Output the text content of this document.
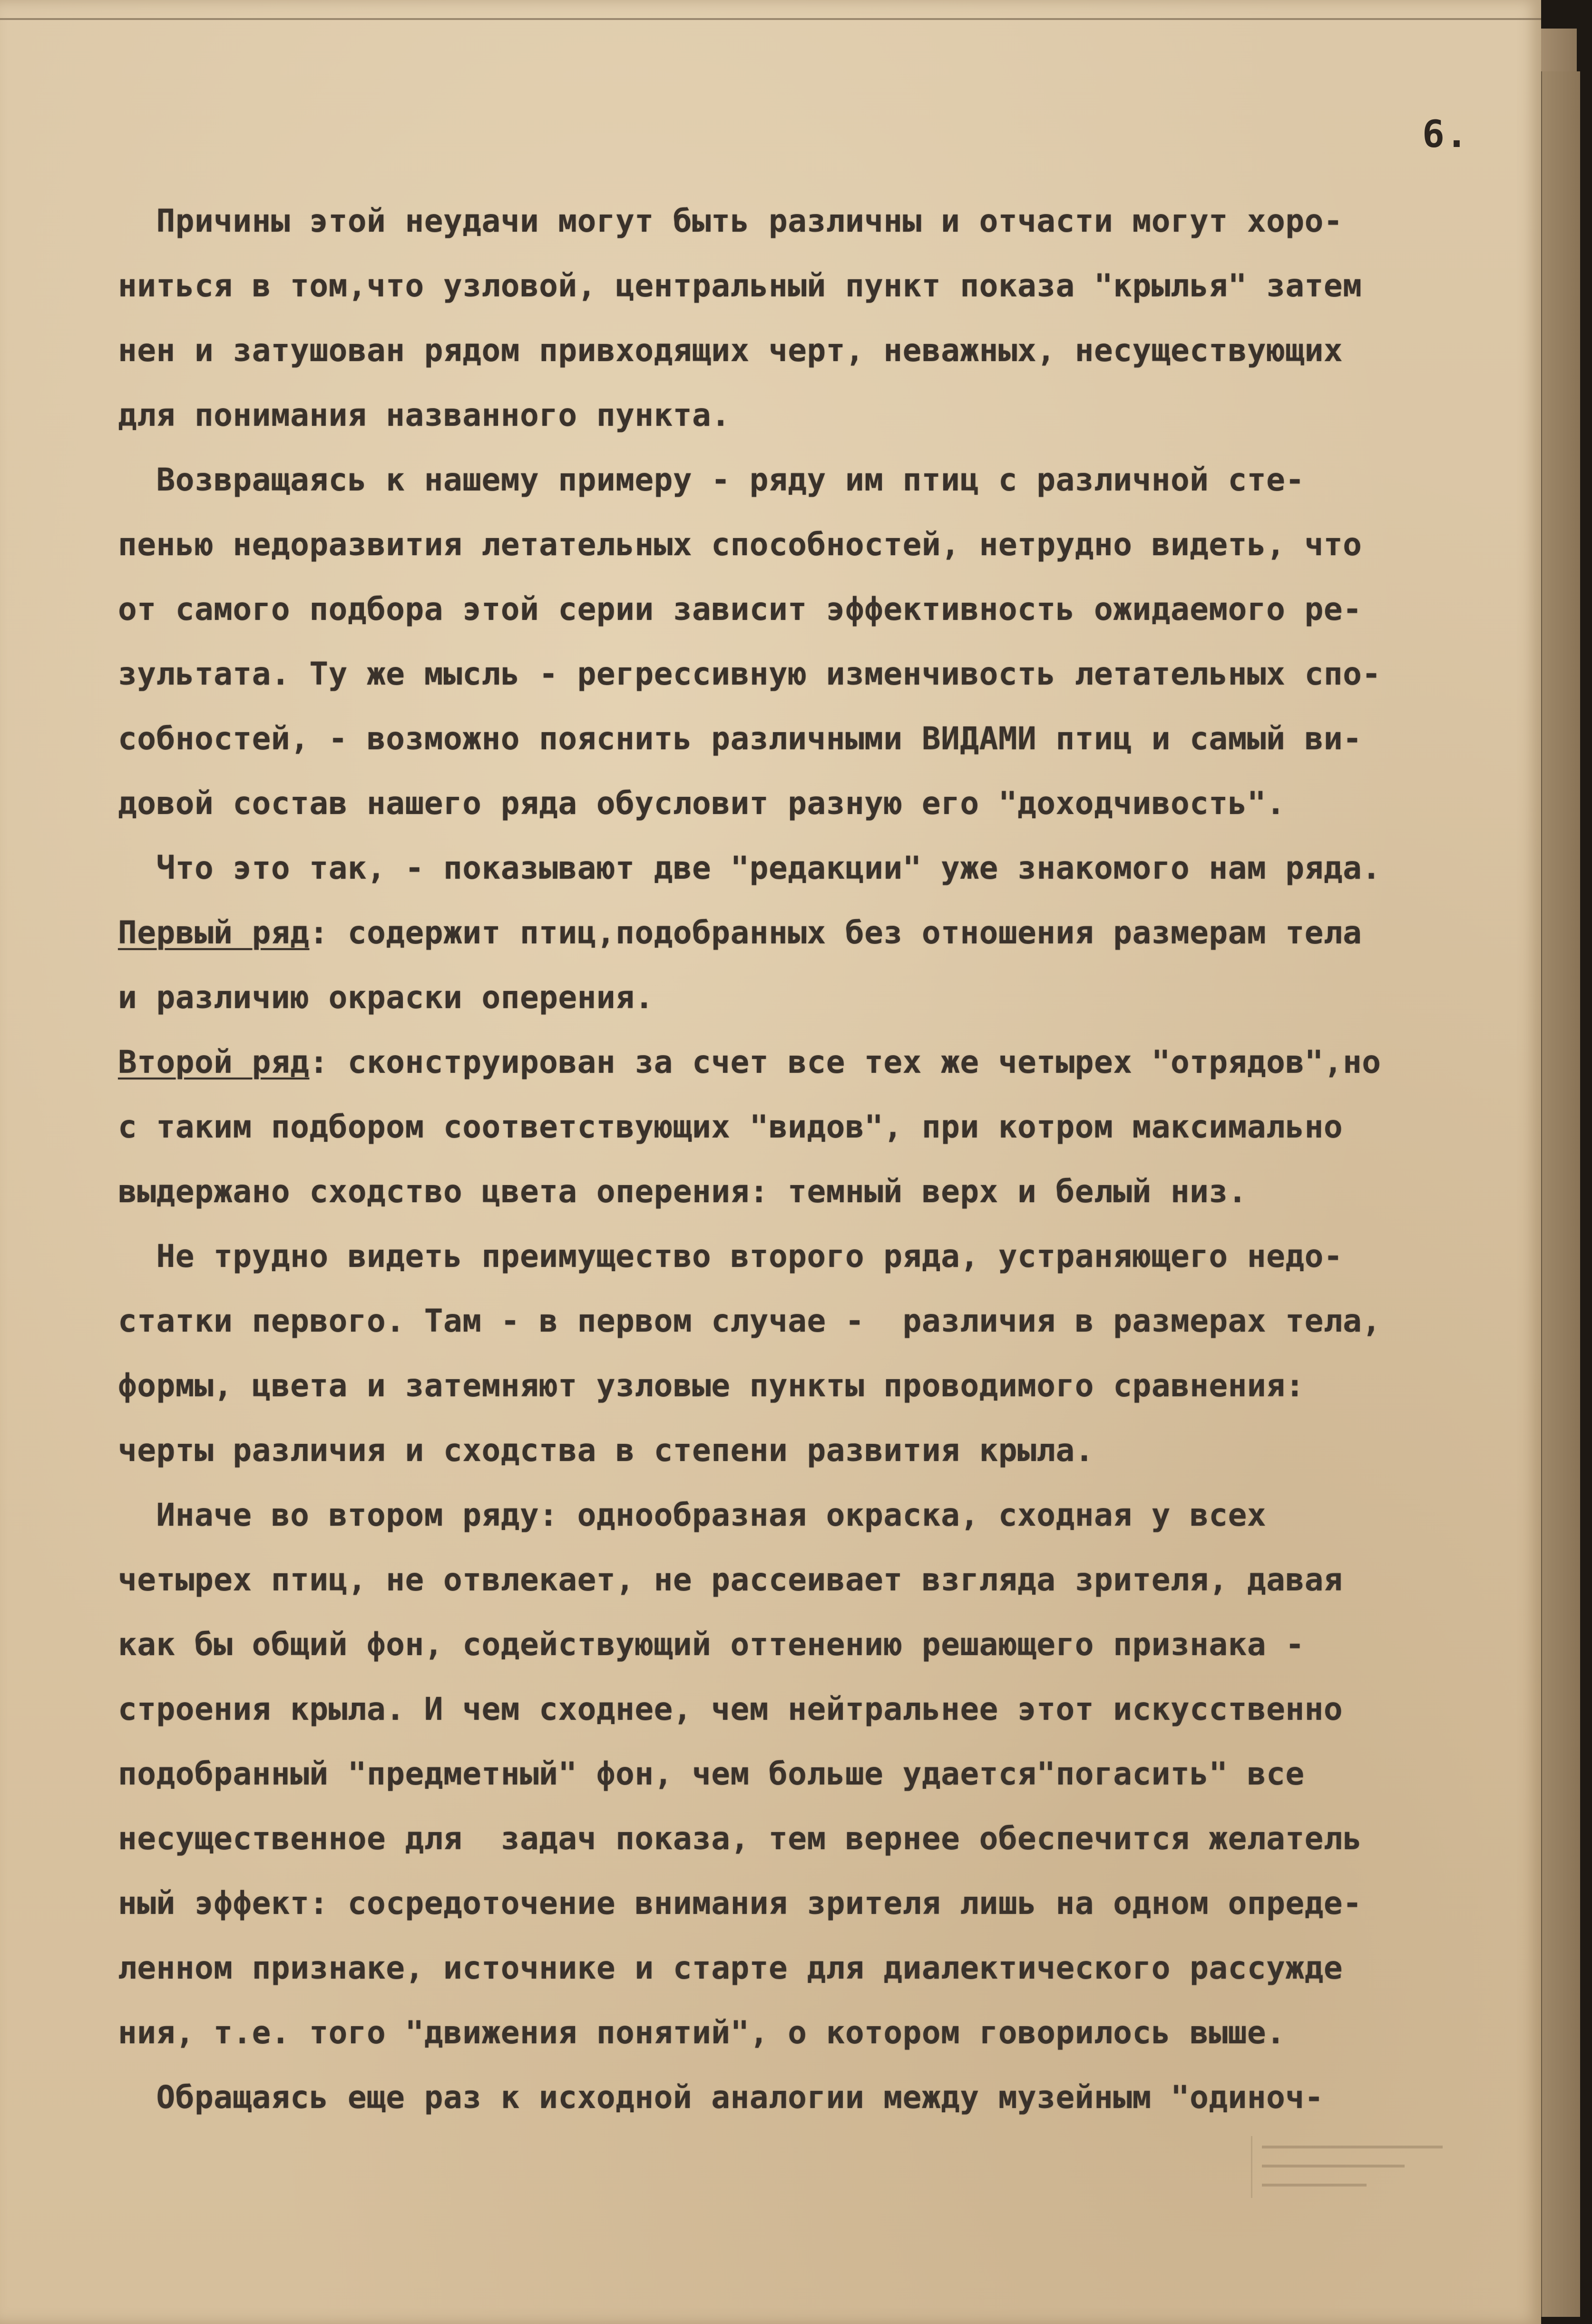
6.
Причины этой неудачи могут быть различны и отчасти могут хоро-
ниться в том,что узловой, центральный пункт показа "крылья" затем
нен и затушован рядом привходящих черт, неважных, несуществующих
для понимания названного пункта.
Возвращаясь к нашему примеру - ряду им птиц с различной сте-
пенью недоразвития летательных способностей, нетрудно видеть, что
от самого подбора этой серии зависит эффективность ожидаемого ре-
зультата. Ту же мысль - регрессивную изменчивость летательных спо-
собностей, - возможно пояснить различными ВИДАМИ птиц и самый ви-
довой состав нашего ряда обусловит разную его "доходчивость".
Что это так, - показывают две "редакции" уже знакомого нам ряда.
Первый ряд: содержит птиц,подобранных без отношения размерам тела
и различию окраски оперения.
Второй ряд: сконструирован за счет все тех же четырех "отрядов",но
с таким подбором соответствующих "видов", при котром максимально
выдержано сходство цвета оперения: темный верх и белый низ.
Не трудно видеть преимущество второго ряда, устраняющего недо-
статки первого. Там - в первом случае -  различия в размерах тела,
формы, цвета и затемняют узловые пункты проводимого сравнения:
черты различия и сходства в степени развития крыла.
Иначе во втором ряду: однообразная окраска, сходная у всех
четырех птиц, не отвлекает, не рассеивает взгляда зрителя, давая
как бы общий фон, содействующий оттенению решающего признака -
строения крыла. И чем сходнее, чем нейтральнее этот искусственно
подобранный "предметный" фон, чем больше удается"погасить" все
несущественное для  задач показа, тем вернее обеспечится желатель
ный эффект: сосредоточение внимания зрителя лишь на одном опреде-
ленном признаке, источнике и старте для диалектического рассужде
ния, т.е. того "движения понятий", о котором говорилось выше.
Обращаясь еще раз к исходной аналогии между музейным "одиноч-
